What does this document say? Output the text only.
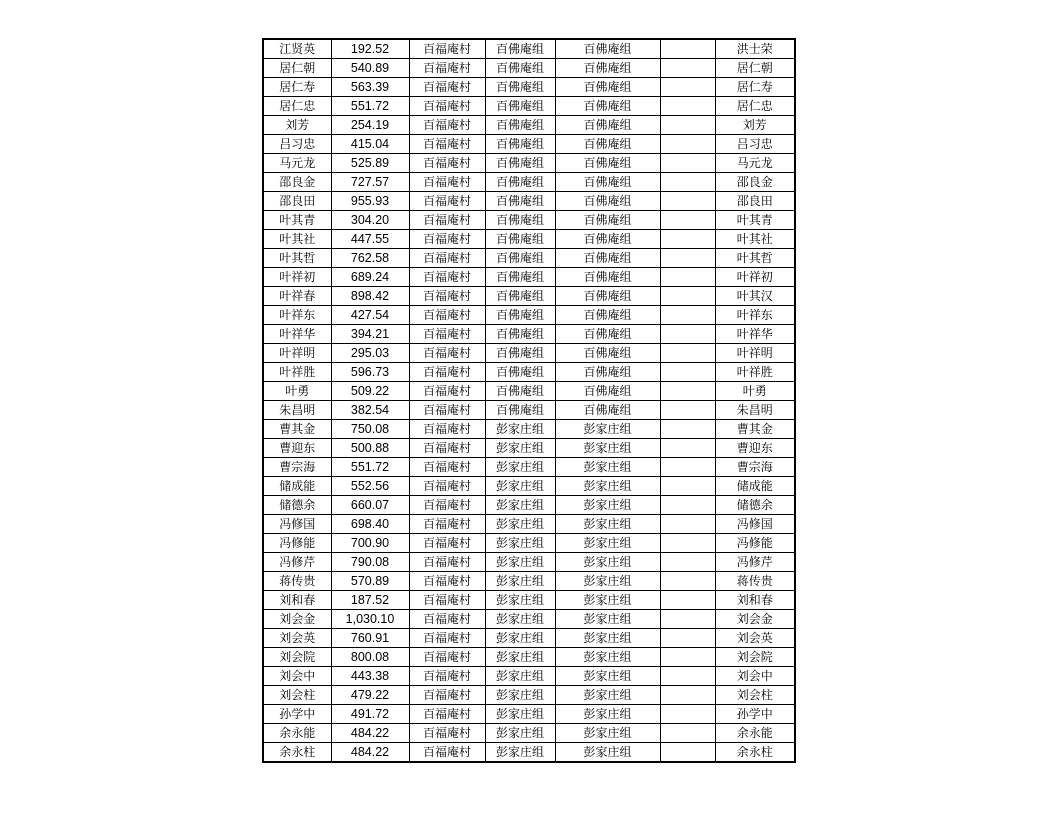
江贤英	192.52	百福庵村	百佛庵组	百佛庵组		洪士荣
居仁朝	540.89	百福庵村	百佛庵组	百佛庵组		居仁朝
居仁寿	563.39	百福庵村	百佛庵组	百佛庵组		居仁寿
居仁忠	551.72	百福庵村	百佛庵组	百佛庵组		居仁忠
刘芳	254.19	百福庵村	百佛庵组	百佛庵组		刘芳
吕习忠	415.04	百福庵村	百佛庵组	百佛庵组		吕习忠
马元龙	525.89	百福庵村	百佛庵组	百佛庵组		马元龙
邵良金	727.57	百福庵村	百佛庵组	百佛庵组		邵良金
邵良田	955.93	百福庵村	百佛庵组	百佛庵组		邵良田
叶其青	304.20	百福庵村	百佛庵组	百佛庵组		叶其青
叶其社	447.55	百福庵村	百佛庵组	百佛庵组		叶其社
叶其哲	762.58	百福庵村	百佛庵组	百佛庵组		叶其哲
叶祥初	689.24	百福庵村	百佛庵组	百佛庵组		叶祥初
叶祥春	898.42	百福庵村	百佛庵组	百佛庵组		叶其汉
叶祥东	427.54	百福庵村	百佛庵组	百佛庵组		叶祥东
叶祥华	394.21	百福庵村	百佛庵组	百佛庵组		叶祥华
叶祥明	295.03	百福庵村	百佛庵组	百佛庵组		叶祥明
叶祥胜	596.73	百福庵村	百佛庵组	百佛庵组		叶祥胜
叶勇	509.22	百福庵村	百佛庵组	百佛庵组		叶勇
朱昌明	382.54	百福庵村	百佛庵组	百佛庵组		朱昌明
曹其金	750.08	百福庵村	彭家庄组	彭家庄组		曹其金
曹迎东	500.88	百福庵村	彭家庄组	彭家庄组		曹迎东
曹宗海	551.72	百福庵村	彭家庄组	彭家庄组		曹宗海
储成能	552.56	百福庵村	彭家庄组	彭家庄组		储成能
储德余	660.07	百福庵村	彭家庄组	彭家庄组		储德余
冯修国	698.40	百福庵村	彭家庄组	彭家庄组		冯修国
冯修能	700.90	百福庵村	彭家庄组	彭家庄组		冯修能
冯修芹	790.08	百福庵村	彭家庄组	彭家庄组		冯修芹
蒋传贵	570.89	百福庵村	彭家庄组	彭家庄组		蒋传贵
刘和春	187.52	百福庵村	彭家庄组	彭家庄组		刘和春
刘会金	1,030.10	百福庵村	彭家庄组	彭家庄组		刘会金
刘会英	760.91	百福庵村	彭家庄组	彭家庄组		刘会英
刘会院	800.08	百福庵村	彭家庄组	彭家庄组		刘会院
刘会中	443.38	百福庵村	彭家庄组	彭家庄组		刘会中
刘会柱	479.22	百福庵村	彭家庄组	彭家庄组		刘会柱
孙学中	491.72	百福庵村	彭家庄组	彭家庄组		孙学中
余永能	484.22	百福庵村	彭家庄组	彭家庄组		余永能
余永柱	484.22	百福庵村	彭家庄组	彭家庄组		余永柱
